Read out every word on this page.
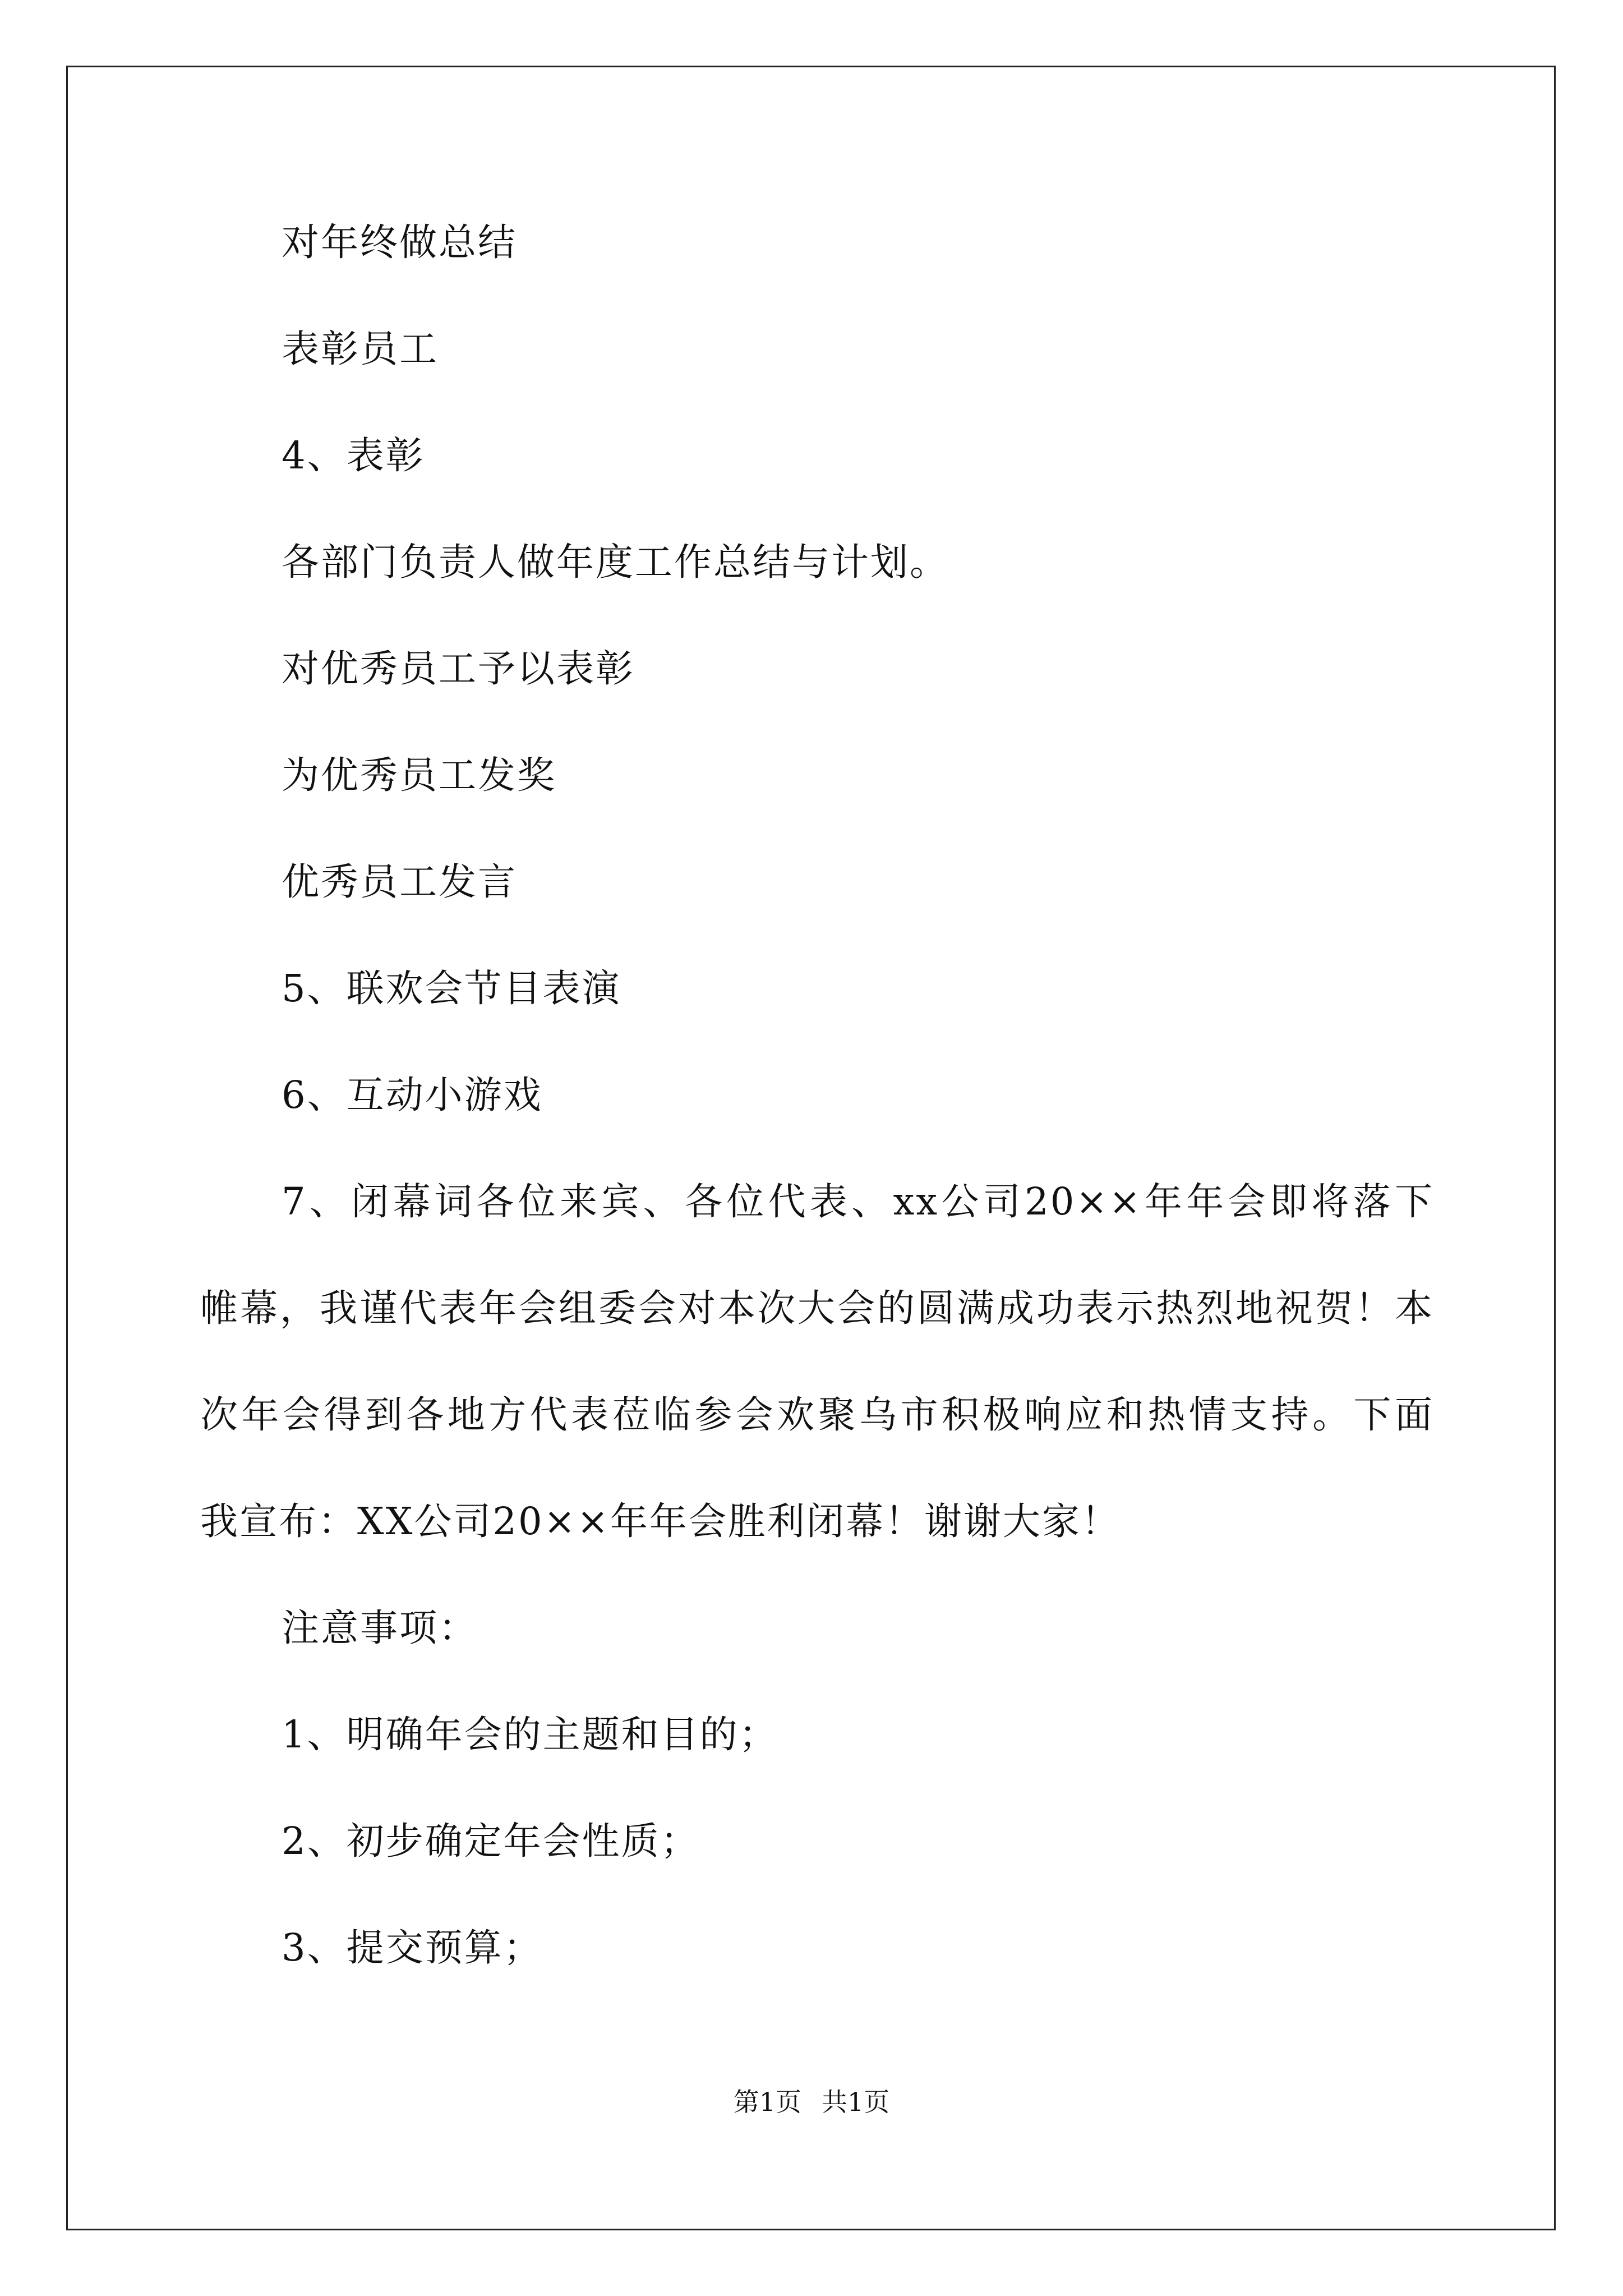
对年终做总结
表彰员工
4、表彰
各部门负责人做年度工作总结与计划。
对优秀员工予以表彰
为优秀员工发奖
优秀员工发言
5、联欢会节目表演
6、互动小游戏
7、闭幕词各位来宾、各位代表、xx公司20××年年会即将落下
帷幕，我谨代表年会组委会对本次大会的圆满成功表示热烈地祝贺！本
次年会得到各地方代表莅临参会欢聚乌市积极响应和热情支持。下面
我宣布：XX公司20××年年会胜利闭幕！谢谢大家！
注意事项：
1、明确年会的主题和目的；
2、初步确定年会性质；
3、提交预算；
第1页 共1页
